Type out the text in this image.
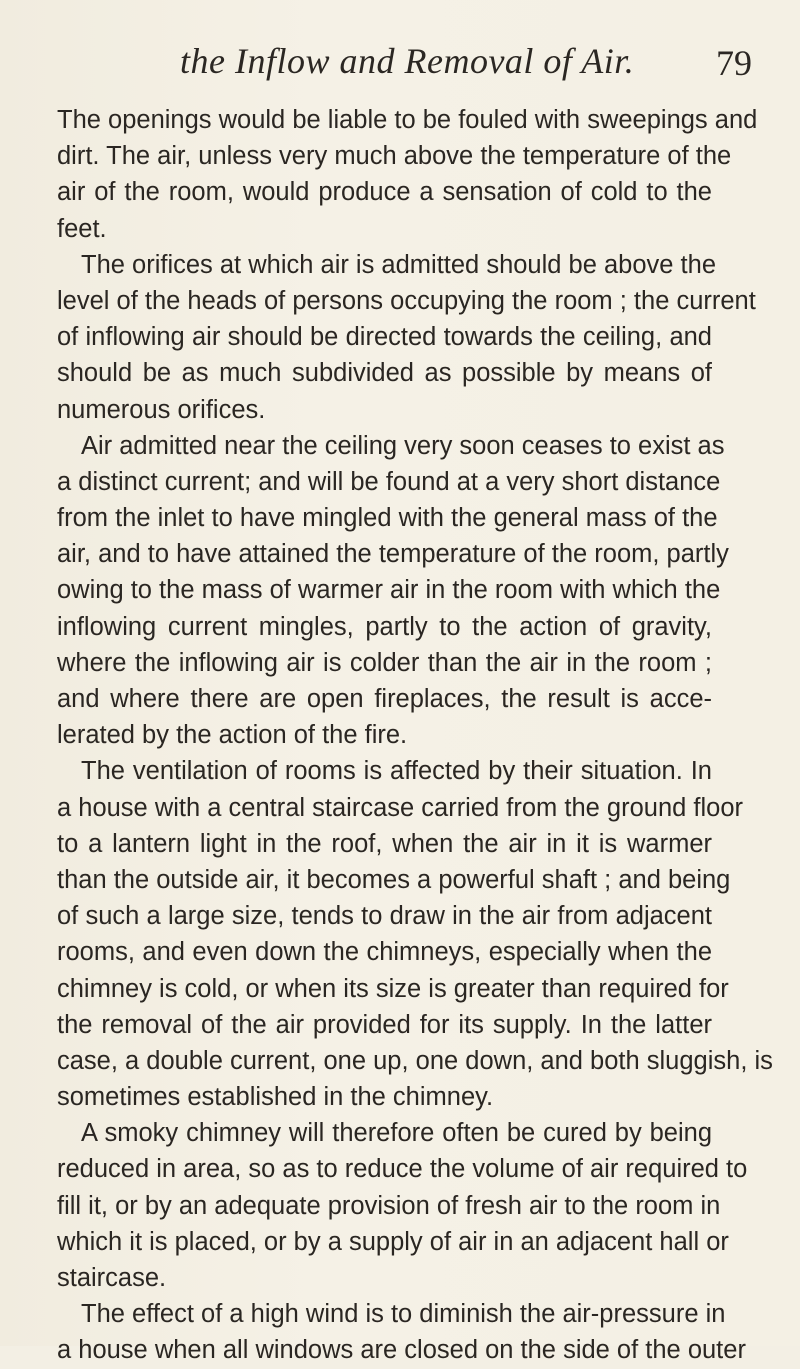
the Inflow and Removal of Air. 79
The openings would be liable to be fouled with sweepings and
dirt. The air, unless very much above the temperature of the
air of the room, would produce a sensation of cold to the
feet.
The orifices at which air is admitted should be above the
level of the heads of persons occupying the room ; the current
of inflowing air should be directed towards the ceiling, and
should be as much subdivided as possible by means of
numerous orifices.
Air admitted near the ceiling very soon ceases to exist as
a distinct current; and will be found at a very short distance
from the inlet to have mingled with the general mass of the
air, and to have attained the temperature of the room, partly
owing to the mass of warmer air in the room with which the
inflowing current mingles, partly to the action of gravity,
where the inflowing air is colder than the air in the room ;
and where there are open fireplaces, the result is acce-
lerated by the action of the fire.
The ventilation of rooms is affected by their situation. In
a house with a central staircase carried from the ground floor
to a lantern light in the roof, when the air in it is warmer
than the outside air, it becomes a powerful shaft ; and being
of such a large size, tends to draw in the air from adjacent
rooms, and even down the chimneys, especially when the
chimney is cold, or when its size is greater than required for
the removal of the air provided for its supply. In the latter
case, a double current, one up, one down, and both sluggish, is
sometimes established in the chimney.
A smoky chimney will therefore often be cured by being
reduced in area, so as to reduce the volume of air required to
fill it, or by an adequate provision of fresh air to the room in
which it is placed, or by a supply of air in an adjacent hall or
staircase.
The effect of a high wind is to diminish the air-pressure in
a house when all windows are closed on the side of the outer
